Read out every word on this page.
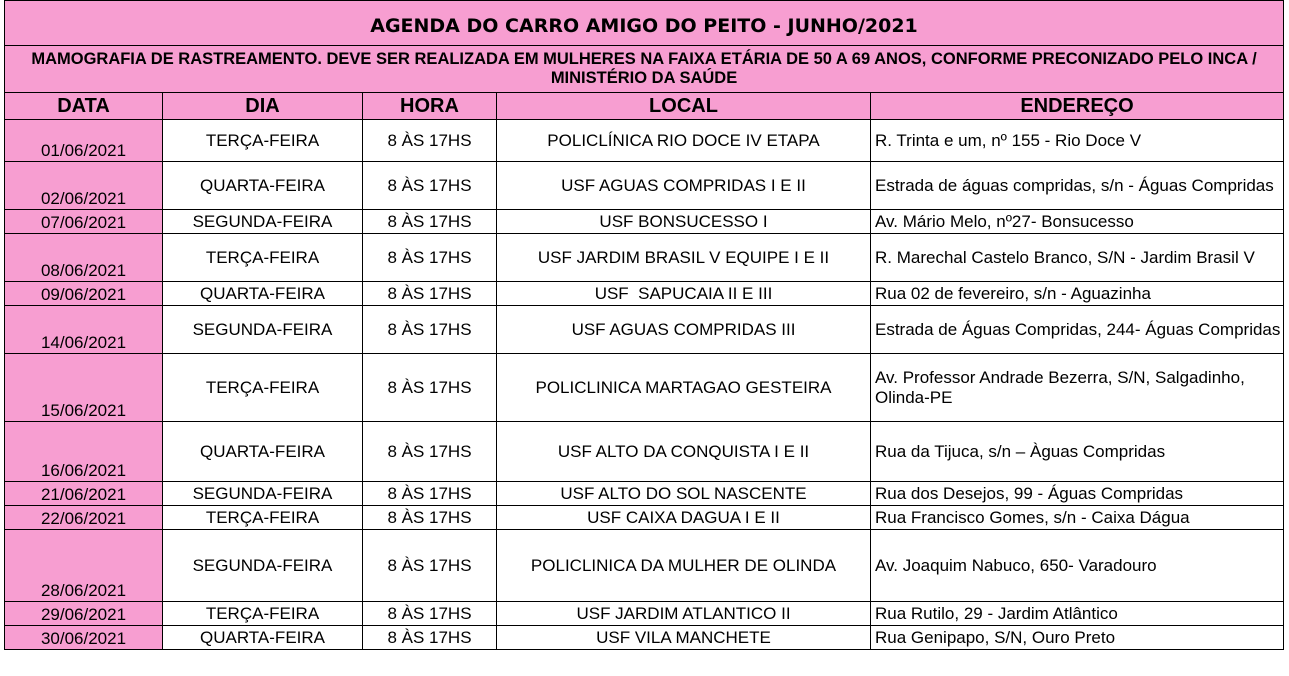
AGENDA DO CARRO AMIGO DO PEITO - JUNHO/2021				
MAMOGRAFIA DE RASTREAMENTO. DEVE SER REALIZADA EM MULHERES NA FAIXA ETÁRIA DE 50 A 69 ANOS, CONFORME PRECONIZADO PELO INCA / MINISTÉRIO DA SAÚDE				
DATA	DIA	HORA	LOCAL	ENDEREÇO
01/06/2021	TERÇA-FEIRA	8 ÀS 17HS	POLICLÍNICA RIO DOCE IV ETAPA	R. Trinta e um, nº 155 - Rio Doce V
02/06/2021	QUARTA-FEIRA	8 ÀS 17HS	USF AGUAS COMPRIDAS I E II	Estrada de águas compridas, s/n - Águas Compridas
07/06/2021	SEGUNDA-FEIRA	8 ÀS 17HS	USF BONSUCESSO I	Av. Mário Melo, nº27- Bonsucesso
08/06/2021	TERÇA-FEIRA	8 ÀS 17HS	USF JARDIM BRASIL V EQUIPE I E II	R. Marechal Castelo Branco, S/N - Jardim Brasil V
09/06/2021	QUARTA-FEIRA	8 ÀS 17HS	USF  SAPUCAIA II E III	Rua 02 de fevereiro, s/n - Aguazinha
14/06/2021	SEGUNDA-FEIRA	8 ÀS 17HS	USF AGUAS COMPRIDAS III	Estrada de Águas Compridas, 244- Águas Compridas
15/06/2021	TERÇA-FEIRA	8 ÀS 17HS	POLICLINICA MARTAGAO GESTEIRA	Av. Professor Andrade Bezerra, S/N, Salgadinho, Olinda-PE
16/06/2021	QUARTA-FEIRA	8 ÀS 17HS	USF ALTO DA CONQUISTA I E II	Rua da Tijuca, s/n – Àguas Compridas
21/06/2021	SEGUNDA-FEIRA	8 ÀS 17HS	USF ALTO DO SOL NASCENTE	Rua dos Desejos, 99 - Águas Compridas
22/06/2021	TERÇA-FEIRA	8 ÀS 17HS	USF CAIXA DAGUA I E II	Rua Francisco Gomes, s/n - Caixa Dágua
28/06/2021	SEGUNDA-FEIRA	8 ÀS 17HS	POLICLINICA DA MULHER DE OLINDA	Av. Joaquim Nabuco, 650- Varadouro
29/06/2021	TERÇA-FEIRA	8 ÀS 17HS	USF JARDIM ATLANTICO II	Rua Rutilo, 29 - Jardim Atlântico
30/06/2021	QUARTA-FEIRA	8 ÀS 17HS	USF VILA MANCHETE	Rua Genipapo, S/N, Ouro Preto
